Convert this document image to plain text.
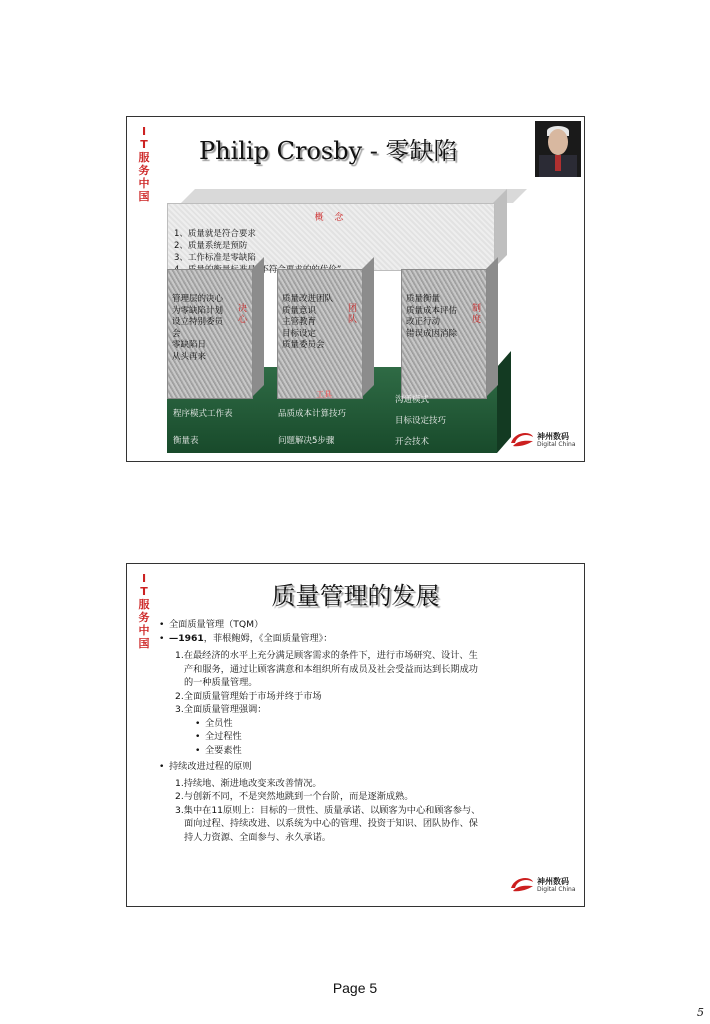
I
T
服
务
中
国
Philip Crosby - 零缺陷
概 念
1、质量就是符合要求
2、质量系统是预防
3、工作标准是零缺陷
管理层的决心
为零缺陷计划
设立特别委员
会
零缺陷日
从头再来
决
心
质量改进团队
质量意识
主管教育
目标设定
质量委员会
团
队
质量衡量
质量成本评估
改正行动
错误成因消除
制
度
工具
程序模式工作表
衡量表
品质成本计算技巧
问题解决5步骤
沟通模式
目标设定技巧
开会技术
神州数码
Digital China
I
T
服
务
中
国
质量管理的发展
• 全面质量管理（TQM）
• —1961，菲根鲍姆，《全面质量管理》：
1.在最经济的水平上充分满足顾客需求的条件下，进行市场研究、设计、生
产和服务，通过让顾客满意和本组织所有成员及社会受益而达到长期成功
的一种质量管理。
2.全面质量管理始于市场并终于市场
3.全面质量管理强调：
• 全员性
• 全过程性
• 全要素性
• 持续改进过程的原则
1.持续地、渐进地改变来改善情况。
2.与创新不同，不是突然地跳到一个台阶，而是逐渐成熟。
3.集中在11原则上：目标的一贯性、质量承诺、以顾客为中心和顾客参与、
面向过程、持续改进、以系统为中心的管理、投资于知识、团队协作、保
持人力资源、全面参与、永久承诺。
神州数码
Digital China
Page 5
5
